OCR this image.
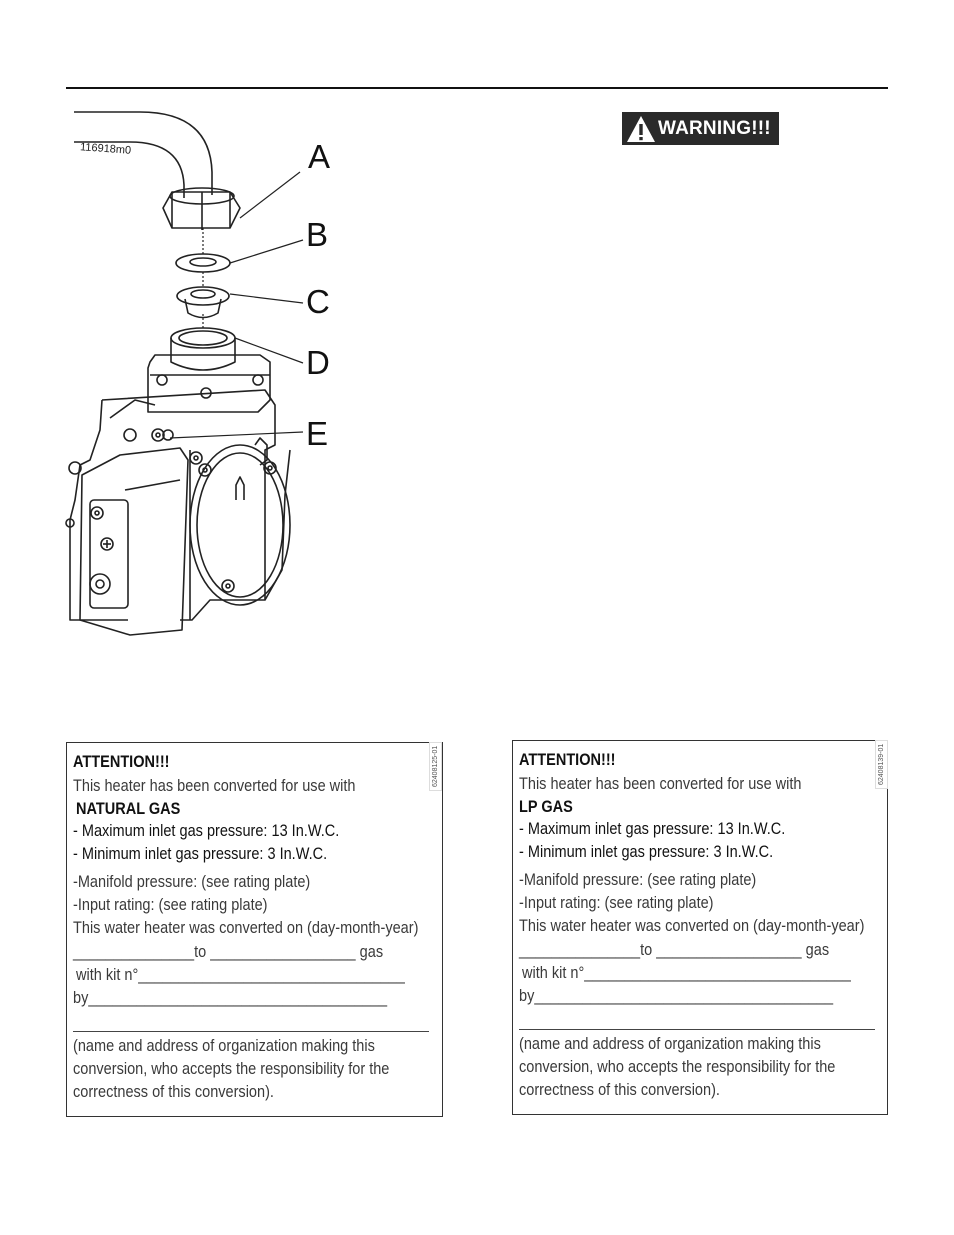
116918m0	A
B
C
D
E
WARNING!!!
62408125-01
ATTENTION!!!
This heater has been converted for use with
NATURAL GAS
- Maximum inlet gas pressure: 13 In.W.C.
- Minimum inlet gas pressure: 3 In.W.C.
-Manifold pressure: (see rating plate)
-Input rating: (see rating plate)
This water heater was converted on (day-month-year)
_______________to __________________ gas
with kit n°_________________________________
by_____________________________________
(name and address of organization making this
conversion, who accepts the responsibility for the
correctness of this conversion).
62408139-01
ATTENTION!!!
This heater has been converted for use with
LP GAS
- Maximum inlet gas pressure: 13 In.W.C.
- Minimum inlet gas pressure: 3 In.W.C.
-Manifold pressure: (see rating plate)
-Input rating: (see rating plate)
This water heater was converted on (day-month-year)
_______________to __________________ gas
with kit n°_________________________________
by_____________________________________
(name and address of organization making this
conversion, who accepts the responsibility for the
correctness of this conversion).
